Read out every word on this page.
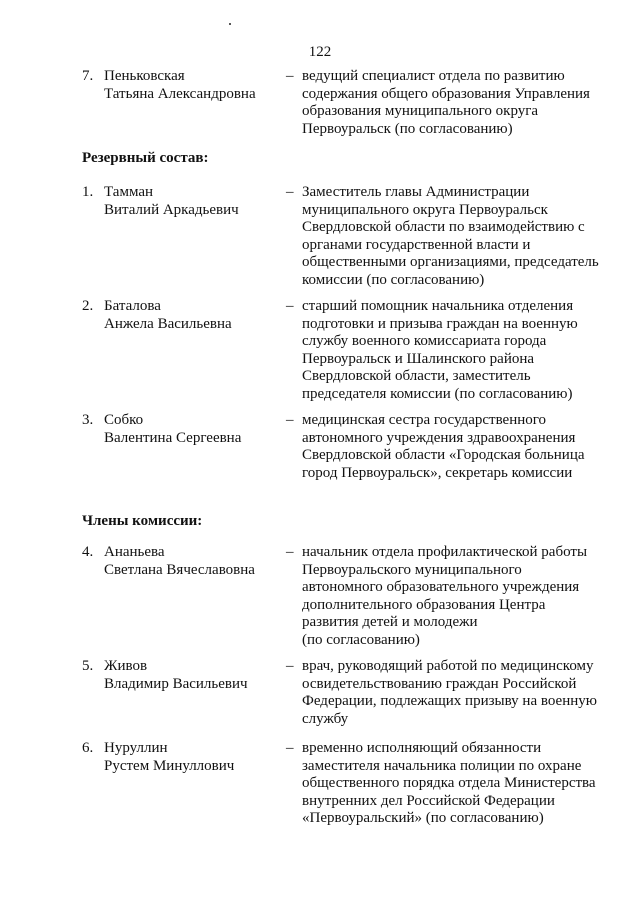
122
7. Пеньковская
Татьяна Александровна
– ведущий специалист отдела по развитию
содержания общего образования Управления
образования муниципального округа
Первоуральск (по согласованию)
Резервный состав:
1. Тамман
Виталий Аркадьевич
– Заместитель главы Администрации
муниципального округа Первоуральск
Свердловской области по взаимодействию с
органами государственной власти и
общественными организациями, председатель
комиссии (по согласованию)
2. Баталова
Анжела Васильевна
– старший помощник начальника отделения
подготовки и призыва граждан на военную
службу военного комиссариата города
Первоуральск и Шалинского района
Свердловской области, заместитель
председателя комиссии (по согласованию)
3. Собко
Валентина Сергеевна
– медицинская сестра государственного
автономного учреждения здравоохранения
Свердловской области «Городская больница
город Первоуральск», секретарь комиссии
Члены комиссии:
4. Ананьева
Светлана Вячеславовна
– начальник отдела профилактической работы
Первоуральского муниципального
автономного образовательного учреждения
дополнительного образования Центра
развития детей и молодежи
(по согласованию)
5. Живов
Владимир Васильевич
– врач, руководящий работой по медицинскому
освидетельствованию граждан Российской
Федерации, подлежащих призыву на военную
службу
6. Нуруллин
Рустем Минуллович
– временно исполняющий обязанности
заместителя начальника полиции по охране
общественного порядка отдела Министерства
внутренних дел Российской Федерации
«Первоуральский» (по согласованию)
